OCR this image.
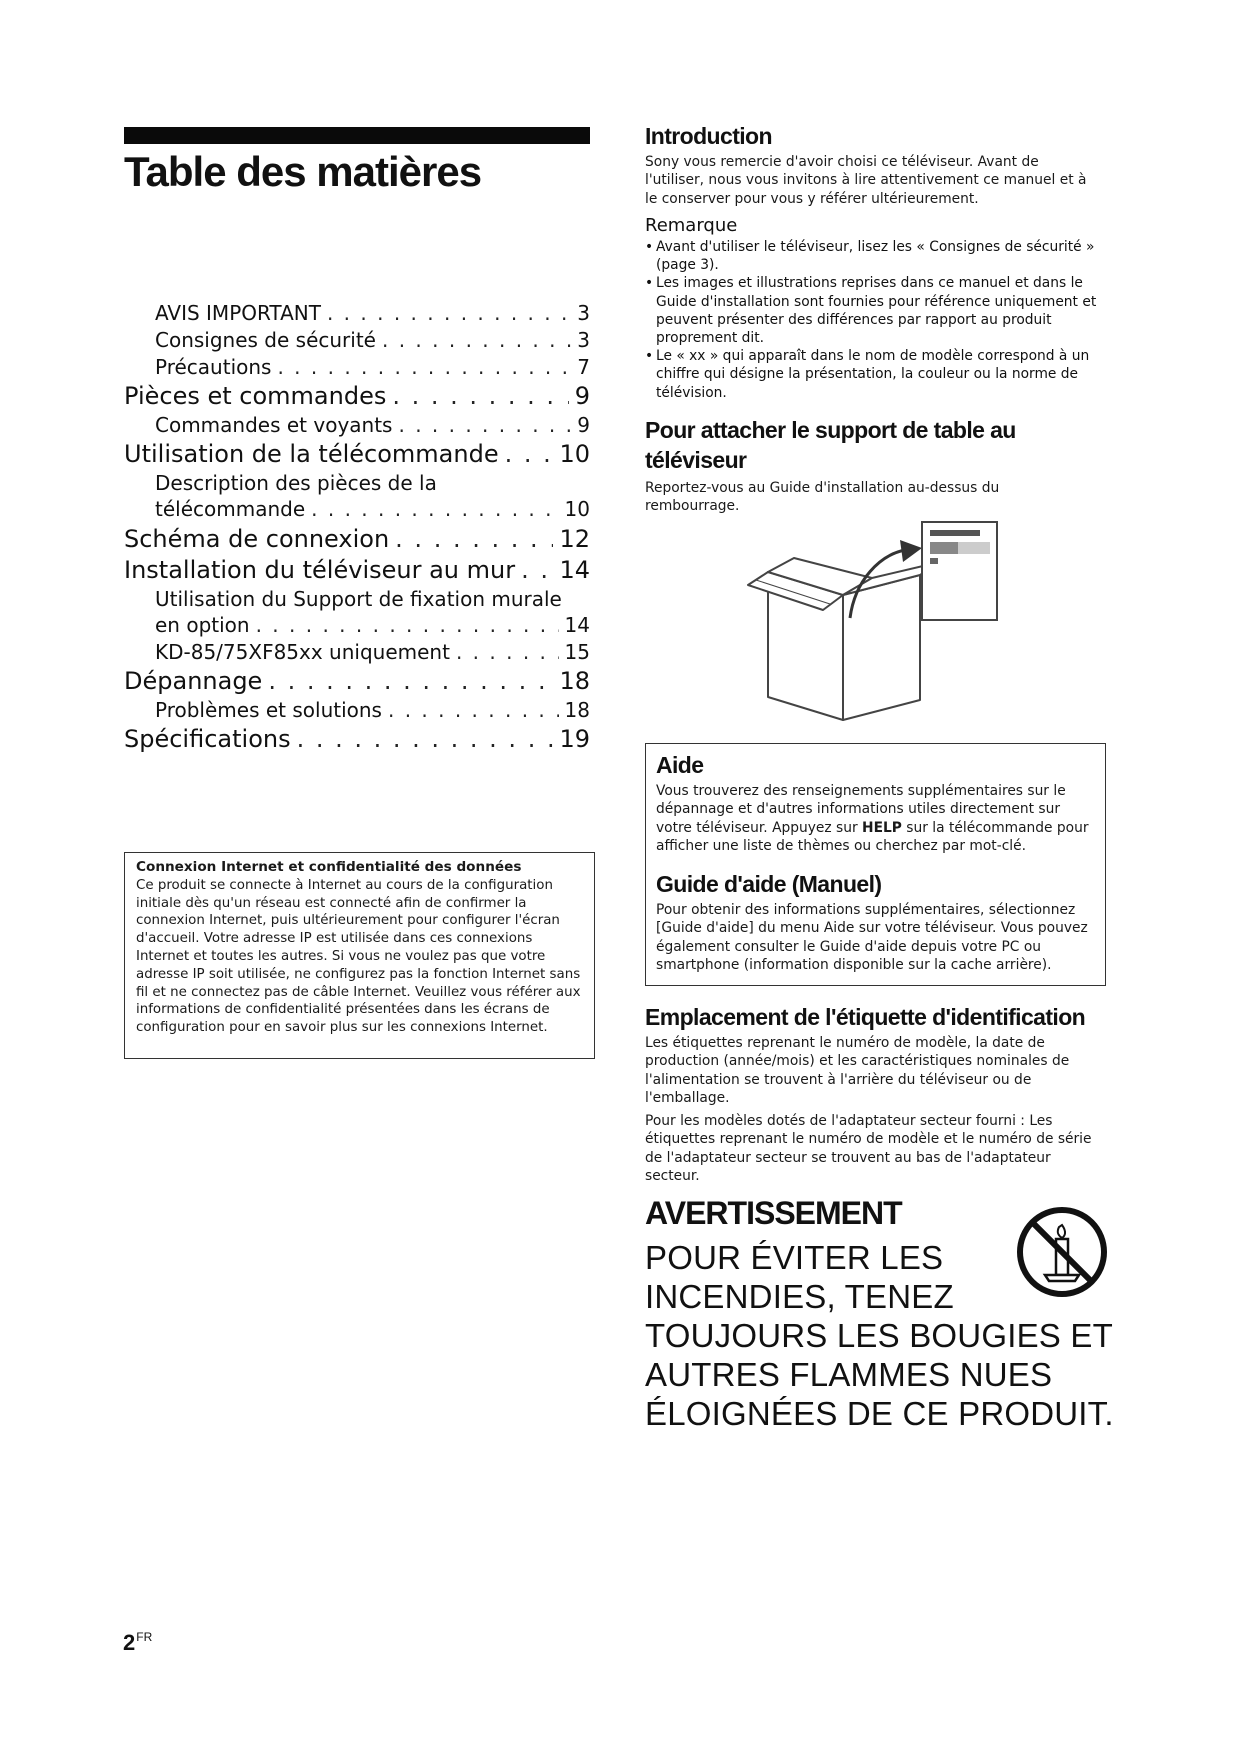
Table des matières
AVIS IMPORTANT . . .	3
Consignes de sécurité . . .	3
Précautions . . .	7
Pièces et commandes . . .	9
Commandes et voyants . . .	9
Utilisation de la télécommande . . .	10
Description des pièces de la
télécommande . . .	10
Schéma de connexion . . .	12
Installation du téléviseur au mur . . . 14
Utilisation du Support de fixation murale
en option . . .	14
KD-85/75XF85xx uniquement . . .	15
Dépannage . . .	18
Problèmes et solutions . . .	18
Spécifications . . .	19
Connexion Internet et confidentialité des données
Ce produit se connecte à Internet au cours de la configuration initiale dès qu'un réseau est connecté afin de confirmer la connexion Internet, puis ultérieurement pour configurer l'écran d'accueil. Votre adresse IP est utilisée dans ces connexions Internet et toutes les autres. Si vous ne voulez pas que votre adresse IP soit utilisée, ne configurez pas la fonction Internet sans fil et ne connectez pas de câble Internet. Veuillez vous référer aux informations de confidentialité présentées dans les écrans de configuration pour en savoir plus sur les connexions Internet.
$2^{FR}$
Introduction
Sony vous remercie d'avoir choisi ce téléviseur. Avant de l'utiliser, nous vous invitons à lire attentivement ce manuel et à le conserver pour vous y référer ultérieurement.
Remarque
• Avant d'utiliser le téléviseur, lisez les « Consignes de sécurité » (page 3).
• Les images et illustrations reprises dans ce manuel et dans le Guide d'installation sont fournies pour référence uniquement et peuvent présenter des différences par rapport au produit proprement dit.
• Le « xx » qui apparaît dans le nom de modèle correspond à un chiffre qui désigne la présentation, la couleur ou la norme de télévision.
Pour attacher le support de table au téléviseur
Reportez-vous au Guide d'installation au-dessus du rembourrage.
Aide
Vous trouverez des renseignements supplémentaires sur le dépannage et d'autres informations utiles directement sur votre téléviseur. Appuyez sur HELP sur la télécommande pour afficher une liste de thèmes ou cherchez par mot-clé.
Guide d'aide (Manuel)
Pour obtenir des informations supplémentaires, sélectionnez [Guide d'aide] du menu Aide sur votre téléviseur. Vous pouvez également consulter le Guide d'aide depuis votre PC ou smartphone (information disponible sur la cache arrière).
Emplacement de l'étiquette d'identification
Les étiquettes reprenant le numéro de modèle, la date de production (année/mois) et les caractéristiques nominales de l'alimentation se trouvent à l'arrière du téléviseur ou de l'emballage.
Pour les modèles dotés de l'adaptateur secteur fourni : Les étiquettes reprenant le numéro de modèle et le numéro de série de l'adaptateur secteur se trouvent au bas de l'adaptateur secteur.
AVERTISSEMENT
POUR ÉVITER LES
INCENDIES, TENEZ
TOUJOURS LES BOUGIES ET
AUTRES FLAMMES NUES
ÉLOIGNÉES DE CE PRODUIT.
